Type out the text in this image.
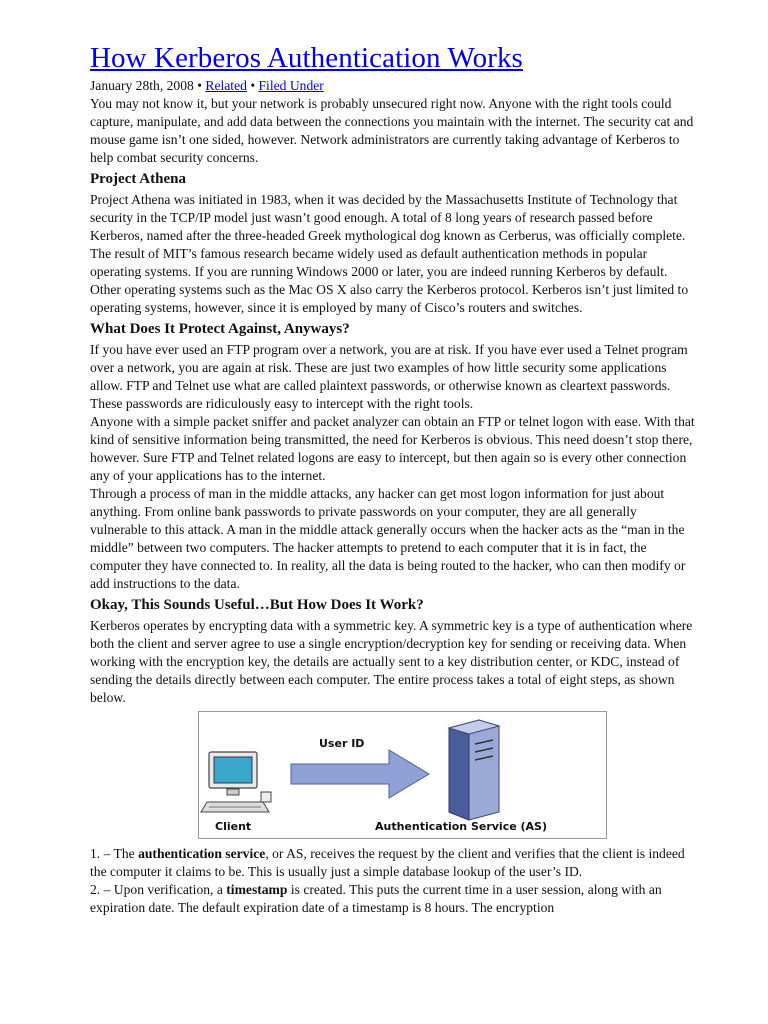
How Kerberos Authentication Works
January 28th, 2008 • Related • Filed Under

You may not know it, but your network is probably unsecured right now. Anyone with the right tools could capture, manipulate, and add data between the connections you maintain with the internet. The security cat and mouse game isn’t one sided, however. Network administrators are currently taking advantage of Kerberos to help combat security concerns.

Project Athena

Project Athena was initiated in 1983, when it was decided by the Massachusetts Institute of Technology that security in the TCP/IP model just wasn’t good enough. A total of 8 long years of research passed before Kerberos, named after the three-headed Greek mythological dog known as Cerberus, was officially complete.

The result of MIT’s famous research became widely used as default authentication methods in popular operating systems. If you are running Windows 2000 or later, you are indeed running Kerberos by default. Other operating systems such as the Mac OS X also carry the Kerberos protocol. Kerberos isn’t just limited to operating systems, however, since it is employed by many of Cisco’s routers and switches.

What Does It Protect Against, Anyways?

If you have ever used an FTP program over a network, you are at risk. If you have ever used a Telnet program over a network, you are again at risk. These are just two examples of how little security some applications allow. FTP and Telnet use what are called plaintext passwords, or otherwise known as cleartext passwords. These passwords are ridiculously easy to intercept with the right tools.

Anyone with a simple packet sniffer and packet analyzer can obtain an FTP or telnet logon with ease. With that kind of sensitive information being transmitted, the need for Kerberos is obvious. This need doesn’t stop there, however. Sure FTP and Telnet related logons are easy to intercept, but then again so is every other connection any of your applications has to the internet.

Through a process of man in the middle attacks, any hacker can get most logon information for just about anything. From online bank passwords to private passwords on your computer, they are all generally vulnerable to this attack. A man in the middle attack generally occurs when the hacker acts as the “man in the middle” between two computers. The hacker attempts to pretend to each computer that it is in fact, the computer they have connected to. In reality, all the data is being routed to the hacker, who can then modify or add instructions to the data.

Okay, This Sounds Useful…But How Does It Work?

Kerberos operates by encrypting data with a symmetric key. A symmetric key is a type of authentication where both the client and server agree to use a single encryption/decryption key for sending or receiving data. When working with the encryption key, the details are actually sent to a key distribution center, or KDC, instead of sending the details directly between each computer. The entire process takes a total of eight steps, as shown below.

Client
User ID
Authentication Service (AS)

1. – The authentication service, or AS, receives the request by the client and verifies that the client is indeed the computer it claims to be. This is usually just a simple database lookup of the user’s ID.

2. – Upon verification, a timestamp is created. This puts the current time in a user session, along with an expiration date. The default expiration date of a timestamp is 8 hours. The encryption
